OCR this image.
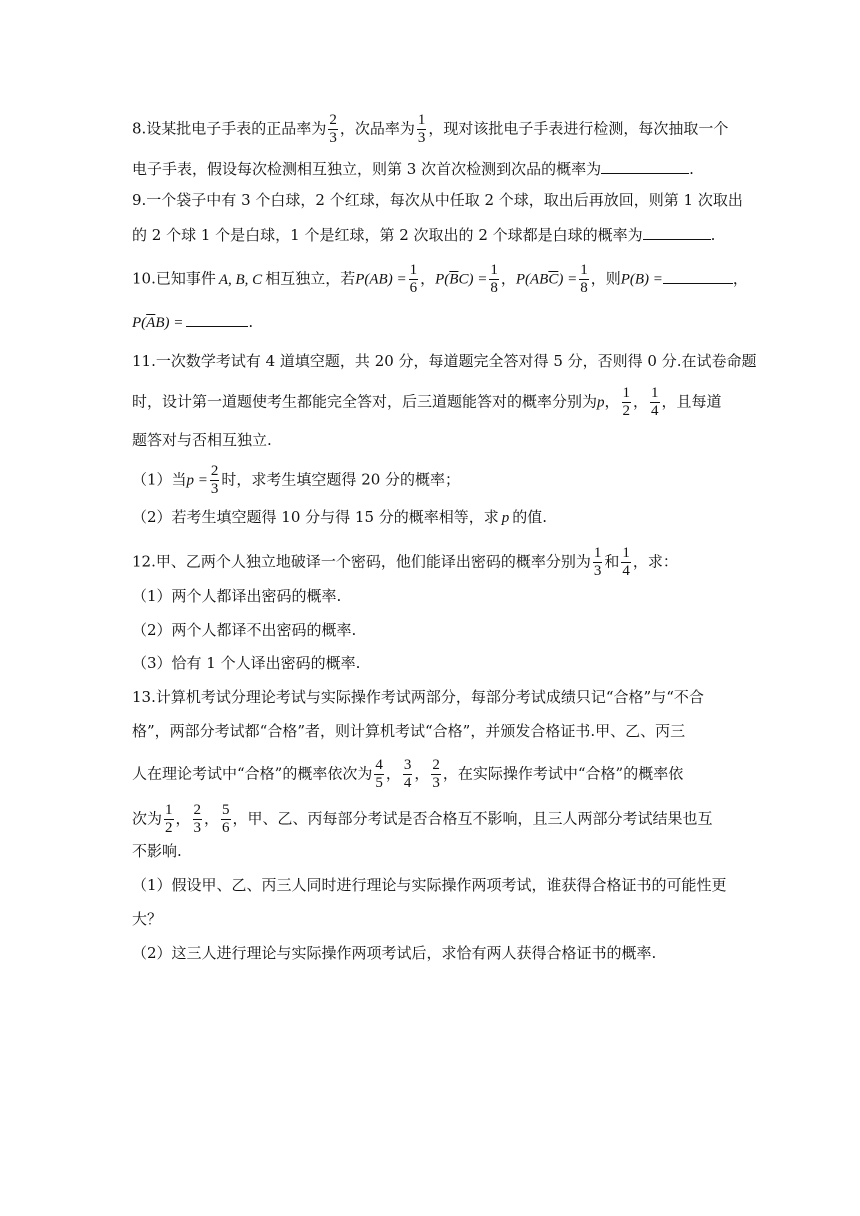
8.设某批电子手表的正品率为 $\frac{2}{3}$ ，次品率为 $\frac{1}{3}$ ，现对该批电子手表进行检测，每次抽取一个
电子手表，假设每次检测相互独立，则第 3 次首次检测到次品的概率为	.
9.一个袋子中有 3 个白球，2 个红球，每次从中任取 2 个球，取出后再放回，则第 1 次取出
的 2 个球 1 个是白球，1 个是红球，第 2 次取出的 2 个球都是白球的概率为	.
10.已知事件 A, B, C 相互独立，若$P(AB) = \frac{1}{6}$ ，$P(\overline{B}C) = \frac{1}{8}$ ，$P(AB\overline{C}) = \frac{1}{8}$ ，则P(B) =	，
$P(\overline{A}B)$ =	.
11.一次数学考试有 4 道填空题，共 20 分，每道题完全答对得 5 分，否则得 0 分.在试卷命题
时，设计第一道题使考生都能完全答对，后三道题能答对的概率分别为p， $\frac{1}{2}$ ， $\frac{1}{4}$ ，且每道
题答对与否相互独立.
（1）当$p = \frac{2}{3}$ 时，求考生填空题得 20 分的概率；
（2）若考生填空题得 10 分与得 15 分的概率相等，求 p 的值.
12.甲、乙两个人独立地破译一个密码，他们能译出密码的概率分别为 $\frac{1}{3}$ 和 $\frac{1}{4}$ ，求：
（1）两个人都译出密码的概率.
（2）两个人都译不出密码的概率.
（3）恰有 1 个人译出密码的概率.
13.计算机考试分理论考试与实际操作考试两部分，每部分考试成绩只记“合格”与“不合
格”，两部分考试都“合格”者，则计算机考试“合格”，并颁发合格证书.甲、乙、丙三
人在理论考试中“合格”的概率依次为 $\frac{4}{5}$ ， $\frac{3}{4}$ ， $\frac{2}{3}$ ，在实际操作考试中“合格”的概率依
次为 $\frac{1}{2}$ ， $\frac{2}{3}$ ， $\frac{5}{6}$ ，甲、乙、丙每部分考试是否合格互不影响，且三人两部分考试结果也互
不影响.
（1）假设甲、乙、丙三人同时进行理论与实际操作两项考试，谁获得合格证书的可能性更
大？
（2）这三人进行理论与实际操作两项考试后，求恰有两人获得合格证书的概率.
